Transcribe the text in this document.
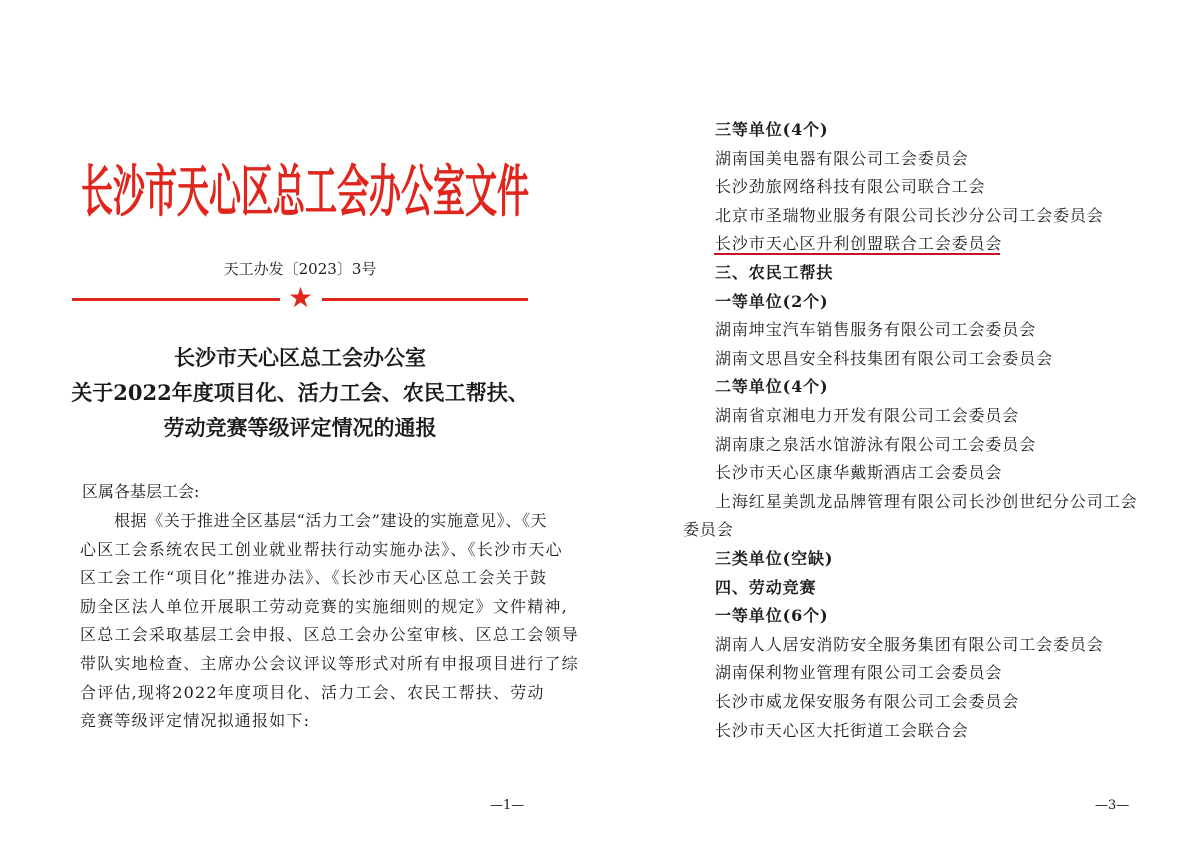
长沙市天心区总工会办公室文件
天工办发〔2023〕3号
★
长沙市天心区总工会办公室
关于2022年度项目化、活力工会、农民工帮扶、
劳动竞赛等级评定情况的通报
区属各基层工会:
根据《关于推进全区基层“活力工会”建设的实施意见》、《天
心区工会系统农民工创业就业帮扶行动实施办法》、《长沙市天心
区工会工作“项目化”推进办法》、《长沙市天心区总工会关于鼓
励全区法人单位开展职工劳动竞赛的实施细则的规定》文件精神,
区总工会采取基层工会申报、区总工会办公室审核、区总工会领导
带队实地检查、主席办公会议评议等形式对所有申报项目进行了综
合评估,现将2022年度项目化、活力工会、农民工帮扶、劳动
竞赛等级评定情况拟通报如下:
—1—
三等单位(4个)
湖南国美电器有限公司工会委员会
长沙劲旅网络科技有限公司联合工会
北京市圣瑞物业服务有限公司长沙分公司工会委员会
长沙市天心区升利创盟联合工会委员会
三、农民工帮扶
一等单位(2个)
湖南坤宝汽车销售服务有限公司工会委员会
湖南文思昌安全科技集团有限公司工会委员会
二等单位(4个)
湖南省京湘电力开发有限公司工会委员会
湖南康之泉活水馆游泳有限公司工会委员会
长沙市天心区康华戴斯酒店工会委员会
上海红星美凯龙品牌管理有限公司长沙创世纪分公司工会
委员会
三类单位(空缺)
四、劳动竞赛
一等单位(6个)
湖南人人居安消防安全服务集团有限公司工会委员会
湖南保利物业管理有限公司工会委员会
长沙市威龙保安服务有限公司工会委员会
长沙市天心区大托街道工会联合会
—3—
